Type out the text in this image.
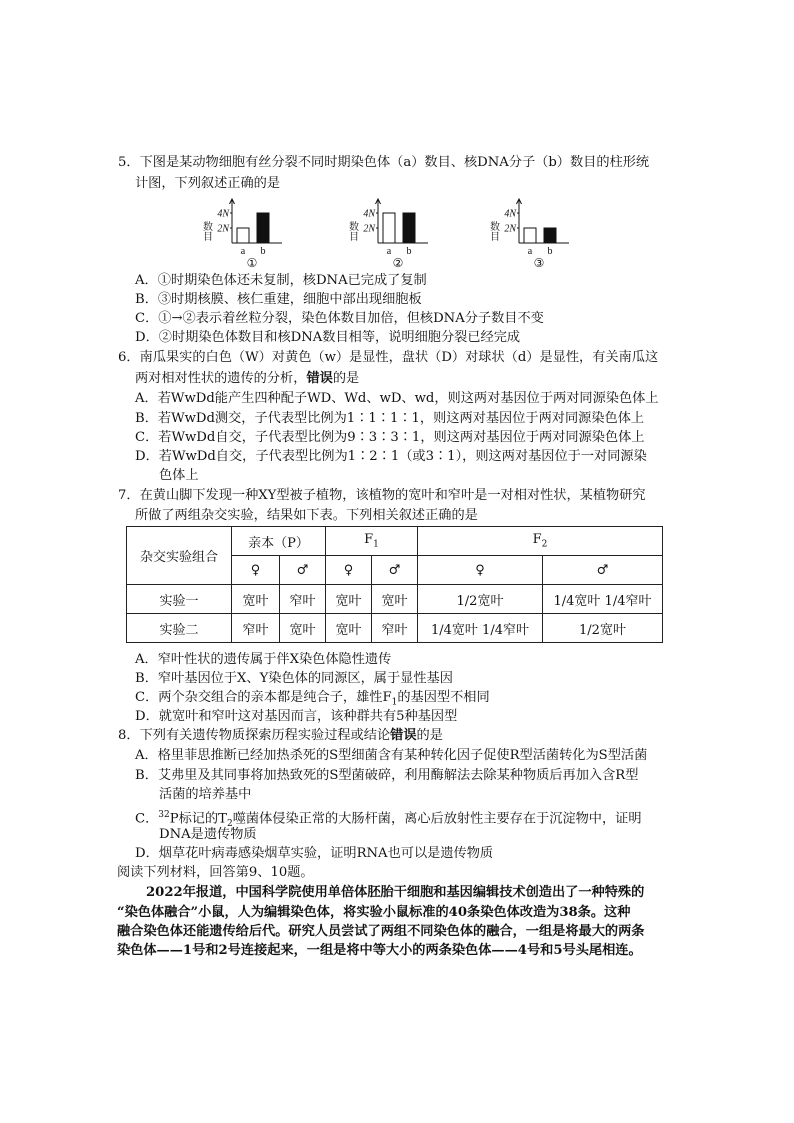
5．下图是某动物细胞有丝分裂不同时期染色体（a）数目、核DNA分子（b）数目的柱形统
计图，下列叙述正确的是
4N
2N
数目
a b
①
4N
2N
数目
a b
②
4N
2N
数目
a b
③
A．①时期染色体还未复制，核DNA已完成了复制
B．③时期核膜、核仁重建，细胞中部出现细胞板
C．①→②表示着丝粒分裂，染色体数目加倍，但核DNA分子数目不变
D．②时期染色体数目和核DNA数目相等，说明细胞分裂已经完成
6．南瓜果实的白色（W）对黄色（w）是显性，盘状（D）对球状（d）是显性，有关南瓜这
两对相对性状的遗传的分析，错误的是
A．若WwDd能产生四种配子WD、Wd、wD、wd，则这两对基因位于两对同源染色体上
B．若WwDd测交，子代表型比例为1∶1∶1∶1，则这两对基因位于两对同源染色体上
C．若WwDd自交，子代表型比例为9∶3∶3∶1，则这两对基因位于两对同源染色体上
D．若WwDd自交，子代表型比例为1∶2∶1（或3∶1），则这两对基因位于一对同源染
色体上
7．在黄山脚下发现一种XY型被子植物，该植物的宽叶和窄叶是一对相对性状，某植物研究
所做了两组杂交实验，结果如下表。下列相关叙述正确的是
杂交实验组合	亲本（P）		$F_1$		$F_2$
	♀	♂	♀	♂	♀	♂
实验一	宽叶	窄叶	宽叶	宽叶	1/2宽叶	1/4宽叶 1/4窄叶
实验二	窄叶	宽叶	宽叶	窄叶	1/4宽叶 1/4窄叶	1/2宽叶
A．窄叶性状的遗传属于伴X染色体隐性遗传
B．窄叶基因位于X、Y染色体的同源区，属于显性基因
C．两个杂交组合的亲本都是纯合子，雄性$F_1$的基因型不相同
D．就宽叶和窄叶这对基因而言，该种群共有5种基因型
8．下列有关遗传物质探索历程实验过程或结论错误的是
A．格里菲思推断已经加热杀死的S型细菌含有某种转化因子促使R型活菌转化为S型活菌
B．艾弗里及其同事将加热致死的S型菌破碎，利用酶解法去除某种物质后再加入含R型
活菌的培养基中
C．$^{32}$P标记的$T_2$噬菌体侵染正常的大肠杆菌，离心后放射性主要存在于沉淀物中，证明
DNA是遗传物质
D．烟草花叶病毒感染烟草实验，证明RNA也可以是遗传物质
阅读下列材料，回答第9、10题。
2022年报道，中国科学院使用单倍体胚胎干细胞和基因编辑技术创造出了一种特殊的
“染色体融合”小鼠，人为编辑染色体，将实验小鼠标准的40条染色体改造为38条。这种
融合染色体还能遗传给后代。研究人员尝试了两组不同染色体的融合，一组是将最大的两条
染色体——1号和2号连接起来，一组是将中等大小的两条染色体——4号和5号头尾相连。
